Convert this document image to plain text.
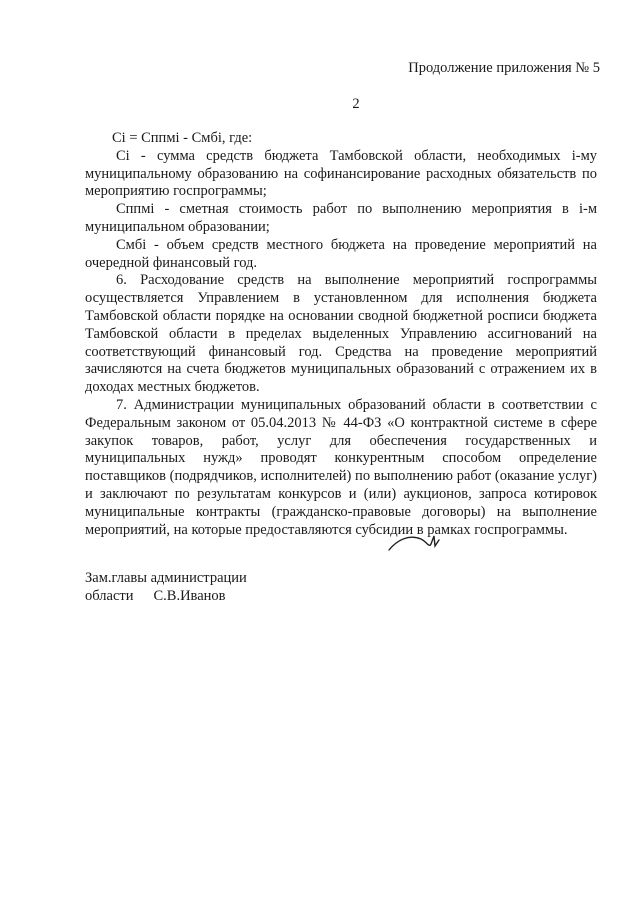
Продолжение приложения № 5
2

Ci = Cппмi - Cмбi, где:

Ci - сумма средств бюджета Тамбовской области, необходимых i-му муниципальному образованию на софинансирование расходных обязательств по мероприятию госпрограммы;

Cппмi - сметная стоимость работ по выполнению мероприятия в i-м муниципальном образовании;

Cмбi - объем средств местного бюджета на проведение мероприятий на очередной финансовый год.

6. Расходование средств на выполнение мероприятий госпрограммы осуществляется Управлением в установленном для исполнения бюджета Тамбовской области порядке на основании сводной бюджетной росписи бюджета Тамбовской области в пределах выделенных Управлению ассигнований на соответствующий финансовый год. Средства на проведение мероприятий зачисляются на счета бюджетов муниципальных образований с отражением их в доходах местных бюджетов.

7. Администрации муниципальных образований области в соответствии с Федеральным законом от 05.04.2013 № 44-ФЗ «О контрактной системе в сфере закупок товаров, работ, услуг для обеспечения государственных и муниципальных нужд» проводят конкурентным способом определение поставщиков (подрядчиков, исполнителей) по выполнению работ (оказание услуг) и заключают по результатам конкурсов и (или) аукционов, запроса котировок муниципальные контракты (гражданско-правовые договоры) на выполнение мероприятий, на которые предоставляются субсидии в рамках госпрограммы.

Зам.главы администрации
области С.В.Иванов
